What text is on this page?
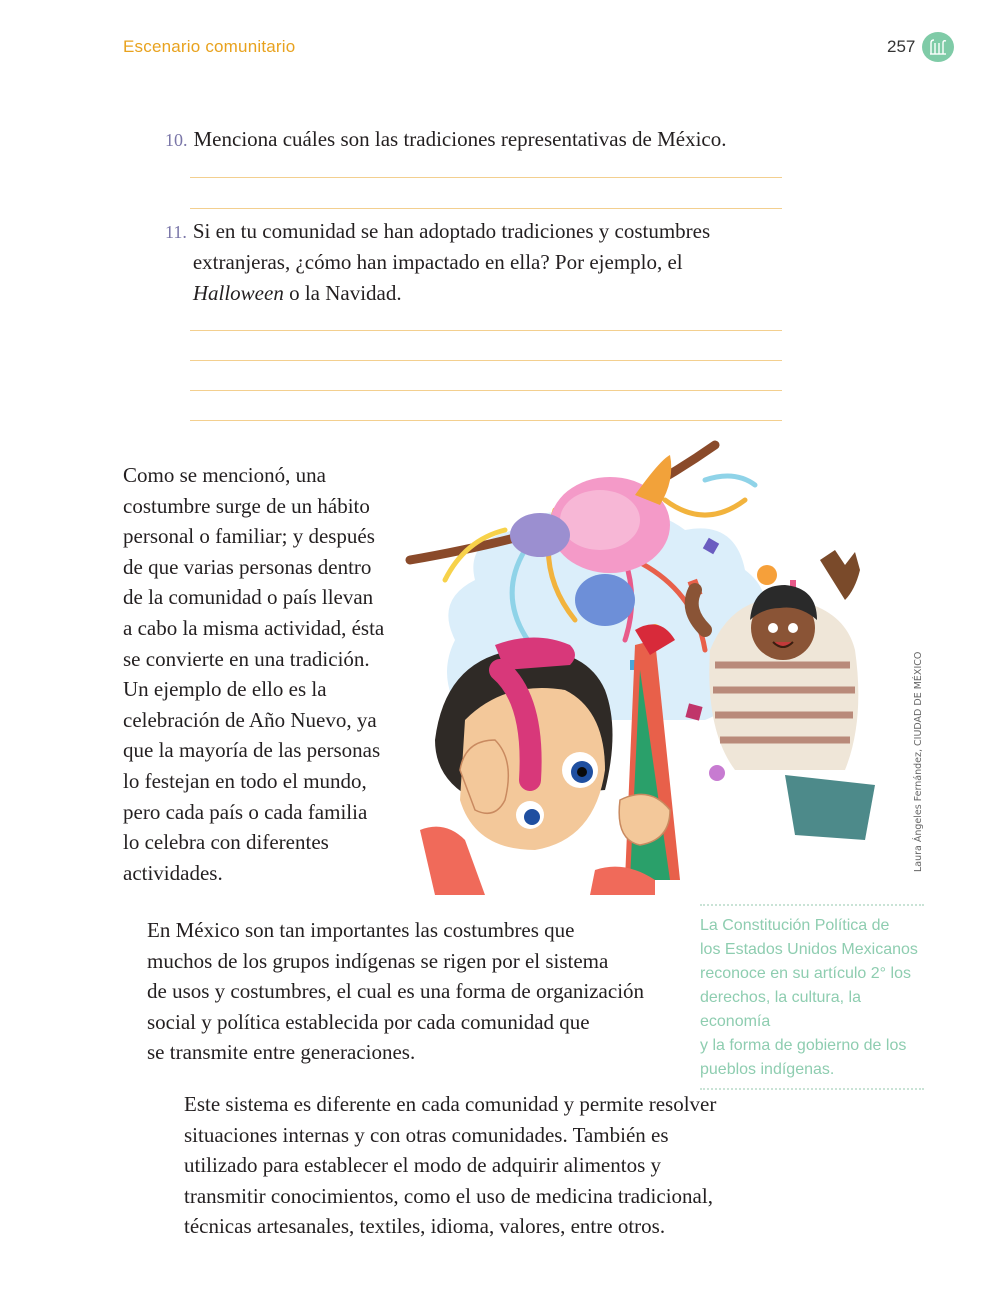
Escenario comunitario	257
10. Menciona cuáles son las tradiciones representativas de México.
11. Si en tu comunidad se han adoptado tradiciones y costumbres
extranjeras, ¿cómo han impactado en ella? Por ejemplo, el
Halloween o la Navidad.

Como se mencionó, una
costumbre surge de un hábito
personal o familiar; y después
de que varias personas dentro
de la comunidad o país llevan
a cabo la misma actividad, ésta
se convierte en una tradición.
Un ejemplo de ello es la
celebración de Año Nuevo, ya
que la mayoría de las personas
lo festejan en todo el mundo,
pero cada país o cada familia
lo celebra con diferentes
actividades.

Laura Ángeles Fernández, CIUDAD DE MÉXICO

En México son tan importantes las costumbres que
muchos de los grupos indígenas se rigen por el sistema
de usos y costumbres, el cual es una forma de organización
social y política establecida por cada comunidad que
se transmite entre generaciones.

La Constitución Política de
los Estados Unidos Mexicanos
reconoce en su artículo 2° los
derechos, la cultura, la economía
y la forma de gobierno de los
pueblos indígenas.

Este sistema es diferente en cada comunidad y permite resolver
situaciones internas y con otras comunidades. También es
utilizado para establecer el modo de adquirir alimentos y
transmitir conocimientos, como el uso de medicina tradicional,
técnicas artesanales, textiles, idioma, valores, entre otros.
